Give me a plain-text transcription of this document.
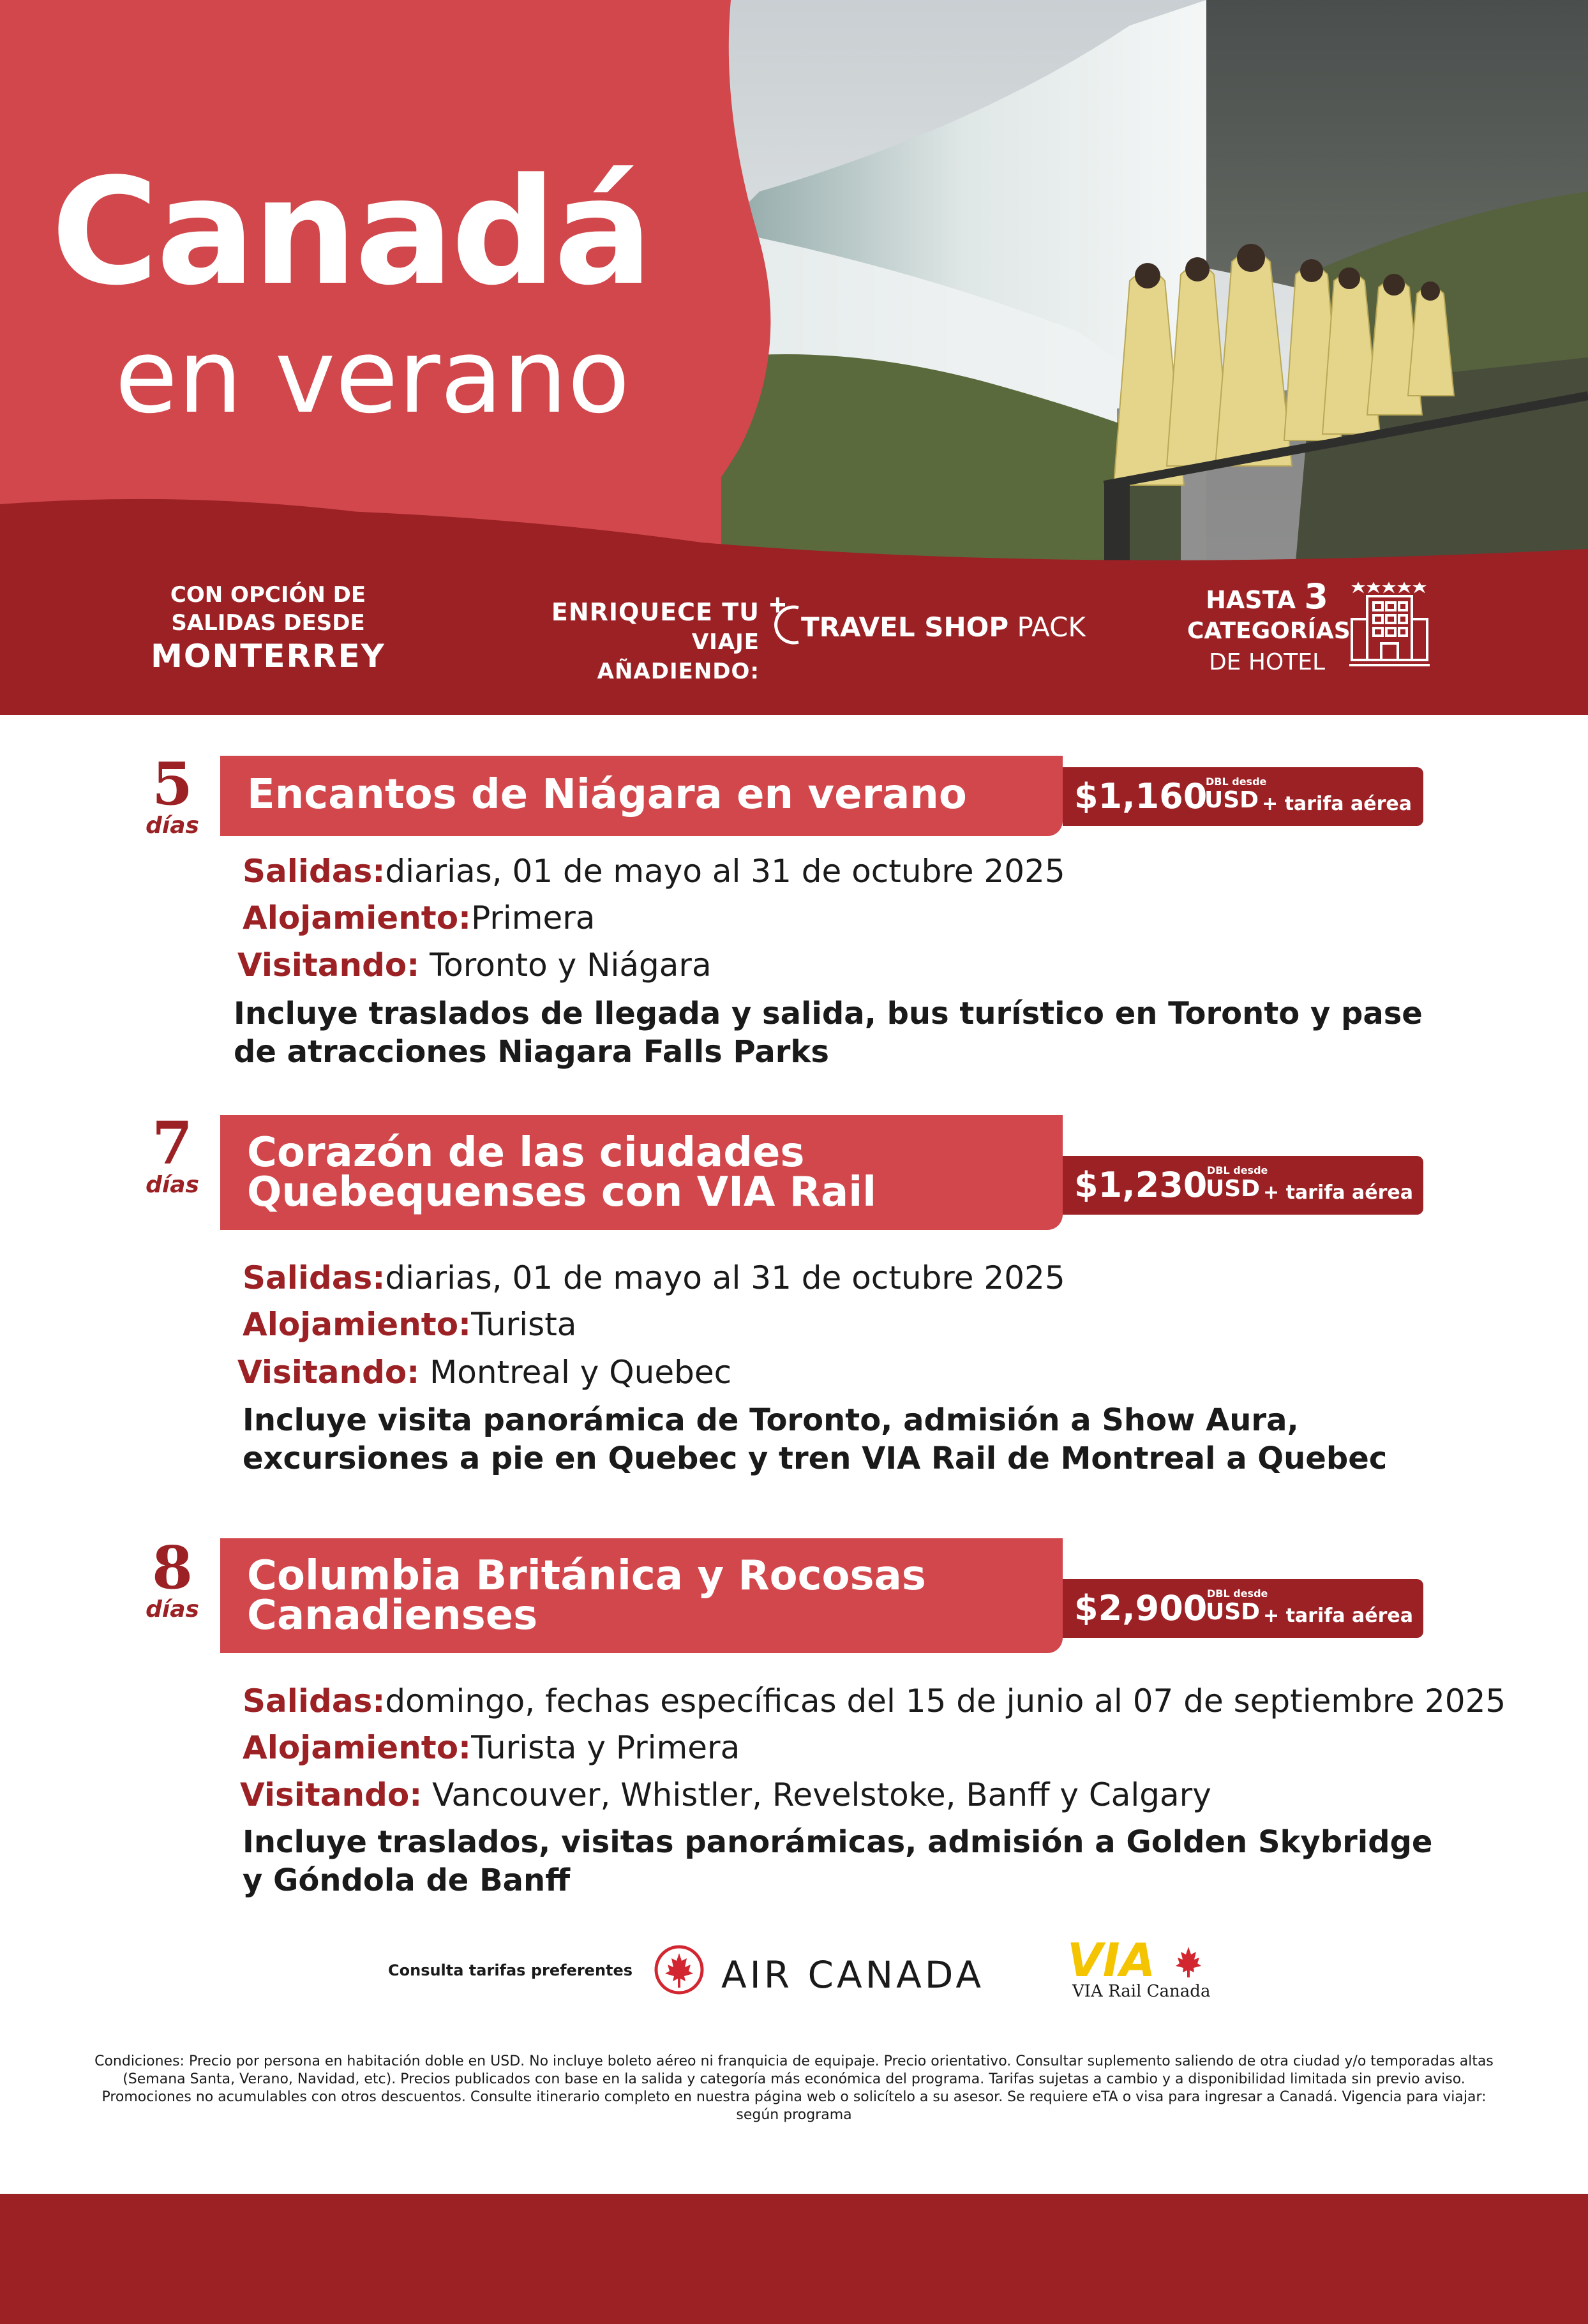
Canadá
en verano
CON OPCIÓN DE
SALIDAS DESDE
MONTERREY
ENRIQUECE TU
VIAJE AÑADIENDO:
+
TRAVEL SHOP PACK
HASTA 3
CATEGORÍAS
DE HOTEL
5
días
Encantos de Niágara en verano	$1,160
DBL desde
USD + tarifa aérea
Salidas:diarias, 01 de mayo al 31 de octubre 2025
Alojamiento:Primera
Visitando: Toronto y Niágara
Incluye traslados de llegada y salida, bus turístico en Toronto y pase de atracciones Niagara Falls Parks
7
días
Corazón de las ciudades
Quebequenses con VIA Rail	$1,230 DBL desde
USD + tarifa aérea
Salidas:diarias, 01 de mayo al 31 de octubre 2025
Alojamiento:Turista
Visitando: Montreal y Quebec
Incluye visita panorámica de Toronto, admisión a Show Aura, excursiones a pie en Quebec y tren VIA Rail de Montreal a Quebec
8
días
Columbia Británica y Rocosas
Canadienses	$2,900 DBL desde
USD + tarifa aérea
Salidas:domingo, fechas específicas del 15 de junio al 07 de septiembre 2025
Alojamiento:Turista y Primera
Visitando: Vancouver, Whistler, Revelstoke, Banff y Calgary
Incluye traslados, visitas panorámicas, admisión a Golden Skybridge y Góndola de Banff
Consulta tarifas preferentes AIR CANADA VIA
VIA Rail Canada
Condiciones: Precio por persona en habitación doble en USD. No incluye boleto aéreo ni franquicia de equipaje. Precio orientativo. Consultar suplemento saliendo de otra ciudad y/o temporadas altas (Semana Santa, Verano, Navidad, etc). Precios publicados con base en la salida y categoría más económica del programa. Tarifas sujetas a cambio y a disponibilidad limitada sin previo aviso. Promociones no acumulables con otros descuentos. Consulte itinerario completo en nuestra página web o solicítelo a su asesor. Se requiere eTA o visa para ingresar a Canadá. Vigencia para viajar: según programa
